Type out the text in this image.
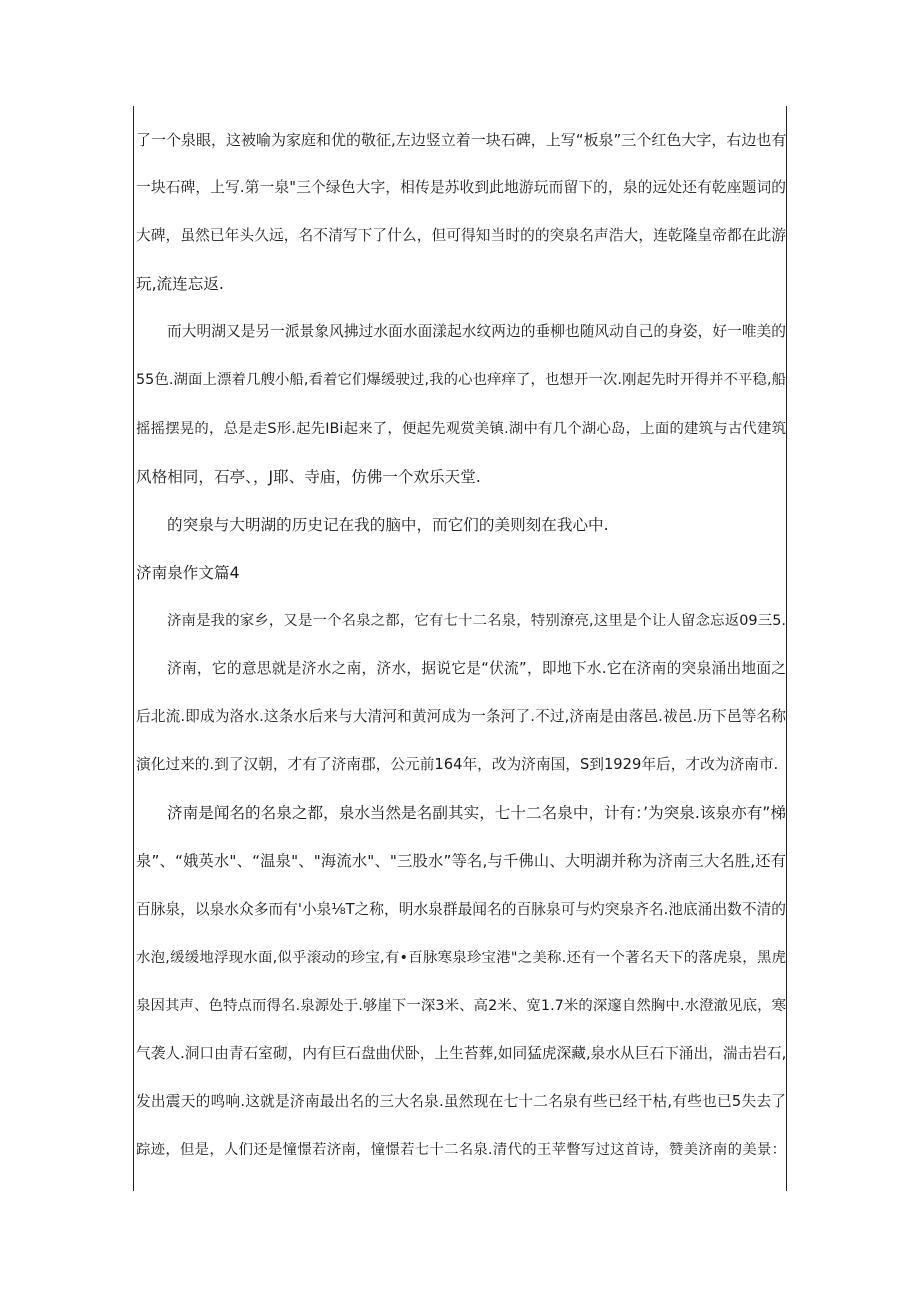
了一个泉眼，这被喻为家庭和优的敬征,左边竖立着一块石碑，上写“板泉”三个红色大字，右边也有
一块石碑，上写.第一泉"三个绿色大字，相传是苏收到此地游玩而留下的，泉的远处还有乾座题词的
大碑，虽然已年头久远，名不清写下了什么，但可得知当时的的突泉名声浩大，连乾隆皇帝都在此游
玩,流连忘返.
而大明湖又是另一派景象风拂过水面水面漾起水纹两边的垂柳也随风动自己的身姿，好一唯美的
55色.湖面上漂着几艘小船,看着它们爆缓驶过,我的心也痒痒了，也想开一次.刚起先时开得并不平稳,船
摇摇摆晃的，总是走S形.起先IBi起来了，便起先观赏美镇.湖中有几个湖心岛，上面的建筑与古代建筑
风格相同，石亭、，J耶、寺庙，仿佛一个欢乐天堂.
的突泉与大明湖的历史记在我的脑中，而它们的美则刻在我心中.
济南泉作文篇4
济南是我的家乡，又是一个名泉之都，它有七十二名泉，特别潦亮,这里是个让人留念忘返09三5.
济南，它的意思就是济水之南，济水，据说它是“伏流”，即地下水.它在济南的突泉涌出地面之
后北流.即成为洛水.这条水后来与大清河和黄河成为一条河了.不过,济南是由落邑.祓邑.历下邑等名称
演化过来的.到了汉朝，才有了济南郡，公元前164年，改为济南国，S到1929年后，才改为济南市.
济南是闻名的名泉之都，泉水当然是名副其实，七十二名泉中，计有：’为突泉.该泉亦有”梯
泉”、“娥英水"、“温泉"、"海流水"、"三股水”等名,与千佛山、大明湖并称为济南三大名胜,还有
百脉泉，以泉水众多而有'小泉⅛T之称，明水泉群最闻名的百脉泉可与灼突泉齐名.池底涌出数不清的
水泡,缓缓地浮现水面,似乎滚动的珍宝,有•百脉寒泉珍宝港"之美称.还有一个著名天下的落虎泉，黑虎
泉因其声、色特点而得名.泉源处于.够崖下一深3米、高2米、宽1.7米的深邃自然胸中.水澄澈见底，寒
气袭人.洞口由青石室砌，内有巨石盘曲伏卧，上生苔葬,如同猛虎深藏,泉水从巨石下涌出，湍击岩石,
发出震天的鸣响.这就是济南最出名的三大名泉.虽然现在七十二名泉有些已经干枯,有些也已5失去了
踪迹，但是，人们还是憧憬若济南，憧憬若七十二名泉.清代的王苹瞥写过这首诗，赞美济南的美景：
